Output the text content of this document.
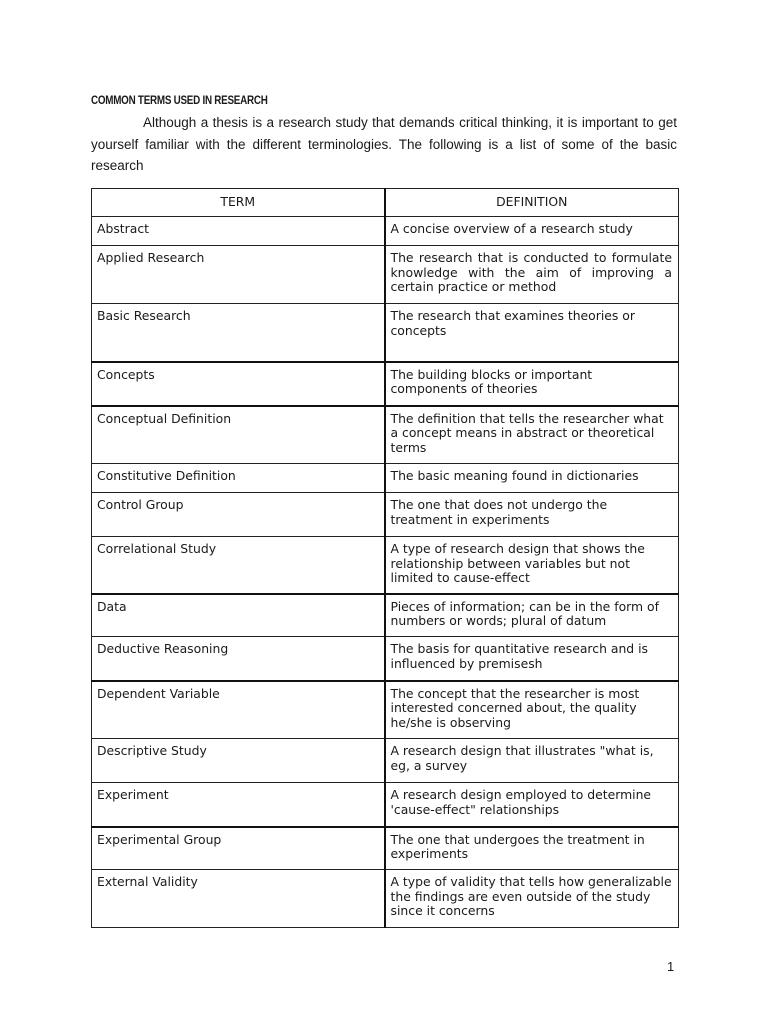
COMMON TERMS USED IN RESEARCH

Although a thesis is a research study that demands critical thinking, it is important to get yourself familiar with the different terminologies. The following is a list of some of the basic research

TERM	DEFINITION
Abstract	A concise overview of a research study
Applied Research	The research that is conducted to formulate knowledge with the aim of improving a certain practice or method
Basic Research	The research that examines theories or concepts
Concepts	The building blocks or important components of theories
Conceptual Definition	The definition that tells the researcher what a concept means in abstract or theoretical terms
Constitutive Definition	The basic meaning found in dictionaries
Control Group	The one that does not undergo the treatment in experiments
Correlational Study	A type of research design that shows the relationship between variables but not limited to cause-effect
Data	Pieces of information; can be in the form of numbers or words; plural of datum
Deductive Reasoning	The basis for quantitative research and is influenced by premisesh
Dependent Variable	The concept that the researcher is most interested concerned about, the quality he/she is observing
Descriptive Study	A research design that illustrates "what is, eg, a survey
Experiment	A research design employed to determine 'cause-effect" relationships
Experimental Group	The one that undergoes the treatment in experiments
External Validity	A type of validity that tells how generalizable the findings are even outside of the study since it concerns
1
